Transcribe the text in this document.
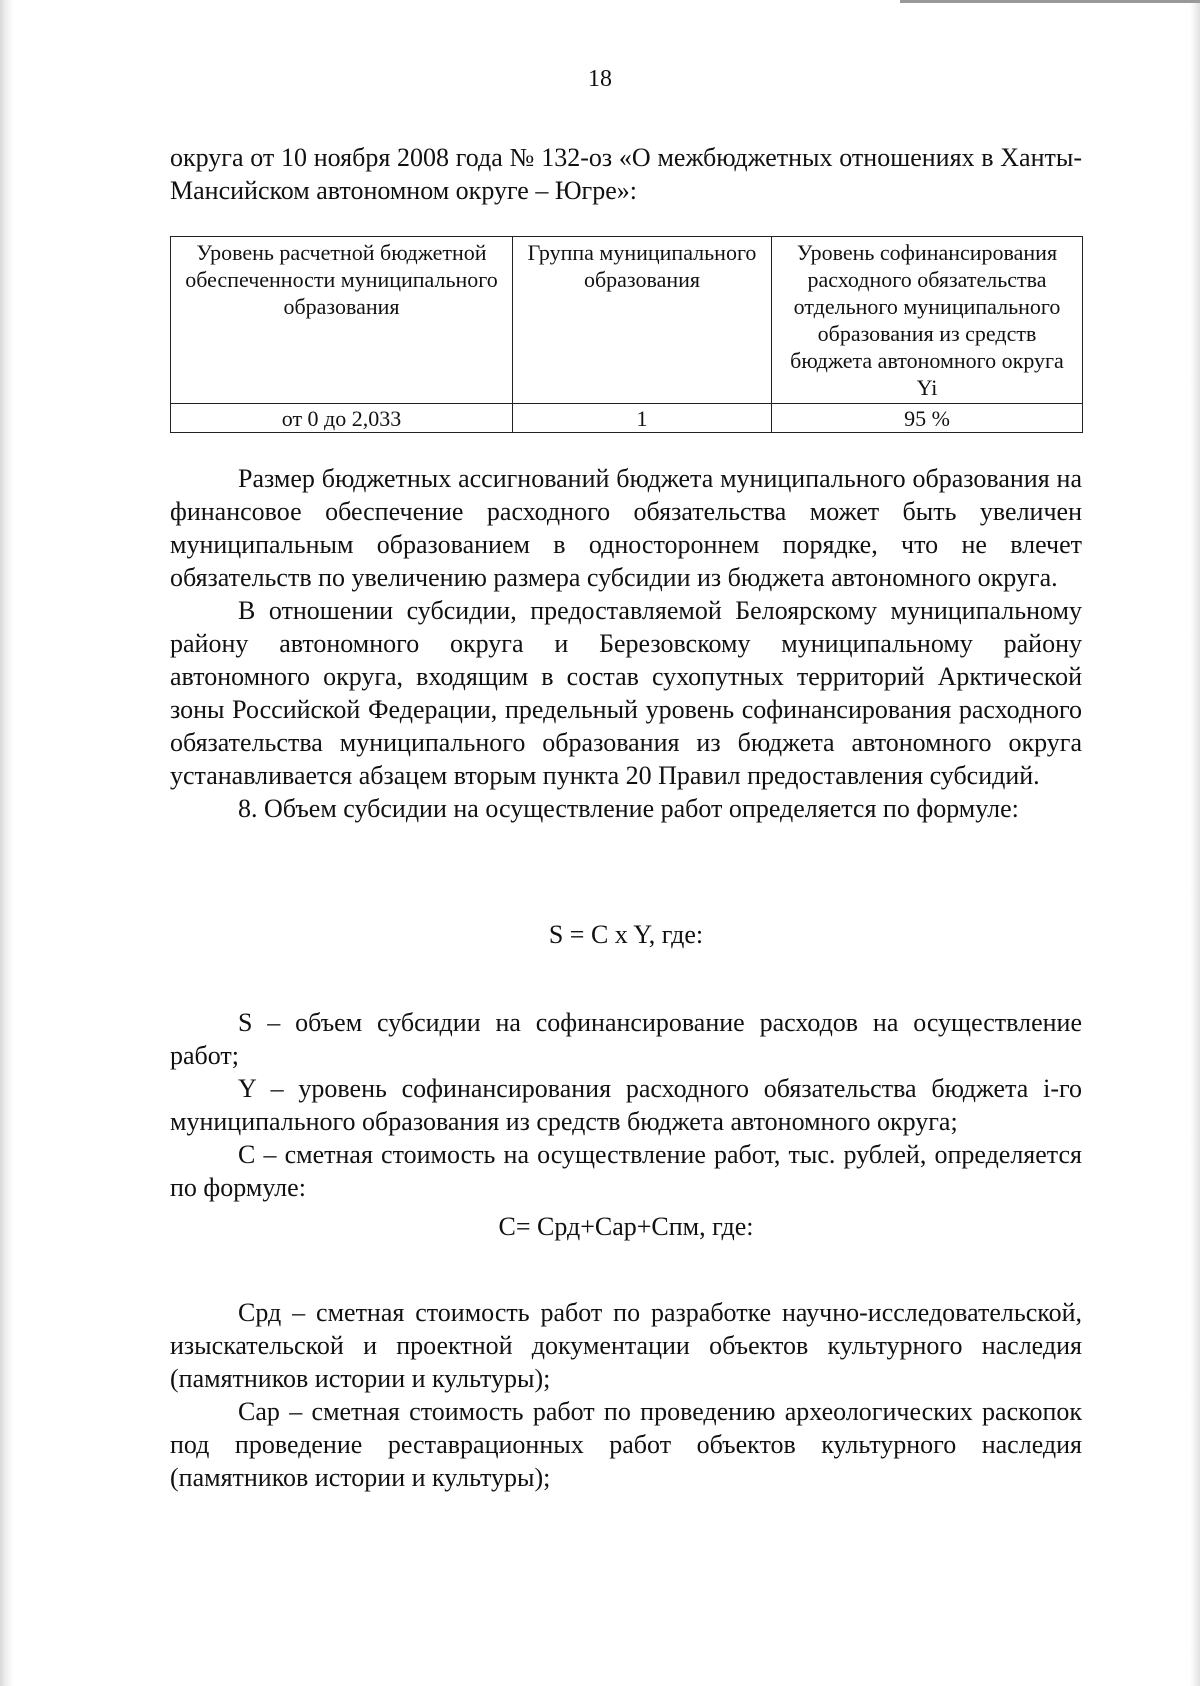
18

округа от 10 ноября 2008 года № 132-оз «О межбюджетных отношениях в Ханты-Мансийском автономном округе – Югре»:

Уровень расчетной бюджетной обеспеченности муниципального образования	Группа муниципального образования	Уровень софинансирования расходного обязательства отдельного муниципального образования из средств бюджета автономного округа Yi
от 0 до 2,033	1	95 %

Размер бюджетных ассигнований бюджета муниципального образования на финансовое обеспечение расходного обязательства может быть увеличен муниципальным образованием в одностороннем порядке, что не влечет обязательств по увеличению размера субсидии из бюджета автономного округа.

В отношении субсидии, предоставляемой Белоярскому муниципальному району автономного округа и Березовскому муниципальному району автономного округа, входящим в состав сухопутных территорий Арктической зоны Российской Федерации, предельный уровень софинансирования расходного обязательства муниципального образования из бюджета автономного округа устанавливается абзацем вторым пункта 20 Правил предоставления субсидий.

8. Объем субсидии на осуществление работ определяется по формуле:

S = C x Y, где:

S – объем субсидии на софинансирование расходов на осуществление работ;

Y – уровень софинансирования расходного обязательства бюджета i-го муниципального образования из средств бюджета автономного округа;

С – сметная стоимость на осуществление работ, тыс. рублей, определяется по формуле:

С= Срд+Сар+Спм, где:

Срд – сметная стоимость работ по разработке научно-исследовательской, изыскательской и проектной документации объектов культурного наследия (памятников истории и культуры);

Сар – сметная стоимость работ по проведению археологических раскопок под проведение реставрационных работ объектов культурного наследия (памятников истории и культуры);
